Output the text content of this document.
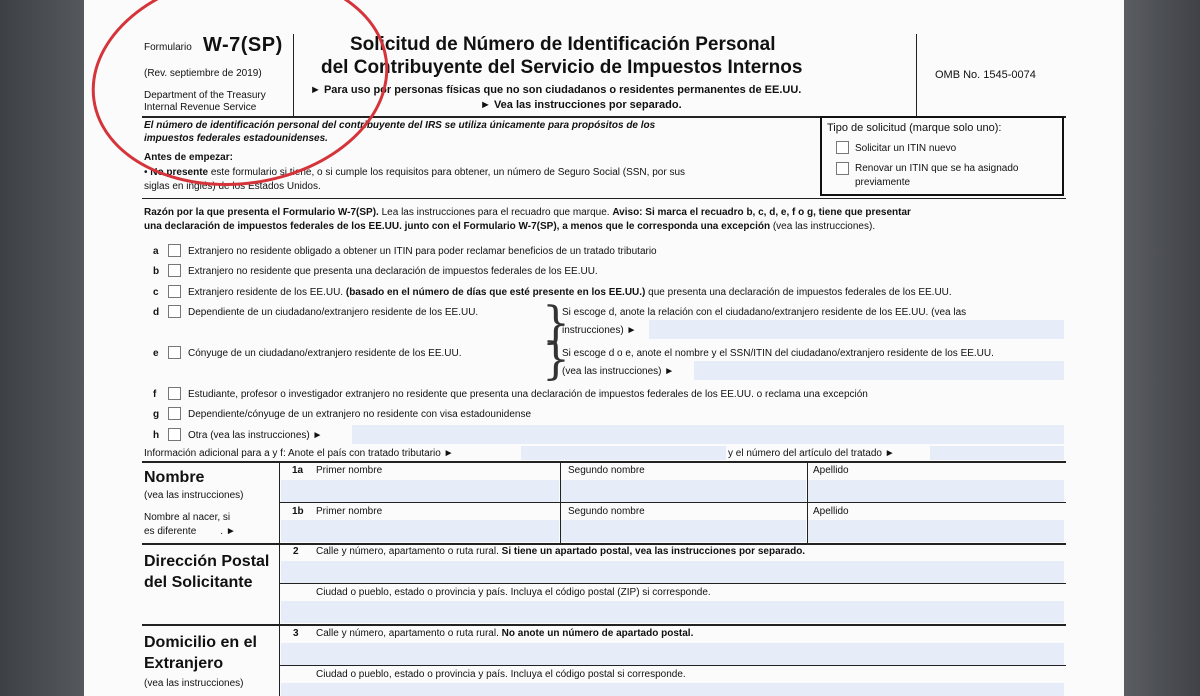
Formulario W-7(SP)
(Rev. septiembre de 2019)
Department of the Treasury
Internal Revenue Service
Solicitud de Número de Identificación Personal
del Contribuyente del Servicio de Impuestos Internos
► Para uso por personas físicas que no son ciudadanos o residentes permanentes de EE.UU.
► Vea las instrucciones por separado.
OMB No. 1545-0074
El número de identificación personal del contribuyente del IRS se utiliza únicamente para propósitos de los
impuestos federales estadounidenses.
Antes de empezar:
• No presente este formulario si tiene, o si cumple los requisitos para obtener, un número de Seguro Social (SSN, por sus
siglas en inglés) de los Estados Unidos.
Tipo de solicitud (marque solo uno):
Solicitar un ITIN nuevo
Renovar un ITIN que se ha asignado
previamente
Razón por la que presenta el Formulario W-7(SP). Lea las instrucciones para el recuadro que marque. Aviso: Si marca el recuadro b, c, d, e, f o g, tiene que presentar
una declaración de impuestos federales de los EE.UU. junto con el Formulario W-7(SP), a menos que le corresponda una excepción (vea las instrucciones).
a	Extranjero no residente obligado a obtener un ITIN para poder reclamar beneficios de un tratado tributario
b	Extranjero no residente que presenta una declaración de impuestos federales de los EE.UU.
c	Extranjero residente de los EE.UU. (basado en el número de días que esté presente en los EE.UU.) que presenta una declaración de impuestos federales de los EE.UU.
d	Dependiente de un ciudadano/extranjero residente de los EE.UU.
e	Cónyuge de un ciudadano/extranjero residente de los EE.UU.
}
}
Si escoge d, anote la relación con el ciudadano/extranjero residente de los EE.UU. (vea las
instrucciones) ►
Si escoge d o e, anote el nombre y el SSN/ITIN del ciudadano/extranjero residente de los EE.UU.
(vea las instrucciones) ►
f	Estudiante, profesor o investigador extranjero no residente que presenta una declaración de impuestos federales de los EE.UU. o reclama una excepción
g	Dependiente/cónyuge de un extranjero no residente con visa estadounidense
h	Otra (vea las instrucciones) ►
Información adicional para a y f: Anote el país con tratado tributario ►	y el número del artículo del tratado ►
Nombre
(vea las instrucciones)
Nombre al nacer, si
es diferente . ►
1a Primer nombre	Segundo nombre	Apellido
1b Primer nombre	Segundo nombre	Apellido
Dirección Postal
del Solicitante
2 Calle y número, apartamento o ruta rural. Si tiene un apartado postal, vea las instrucciones por separado.
Ciudad o pueblo, estado o provincia y país. Incluya el código postal (ZIP) si corresponde.
Domicilio en el
Extranjero
(vea las instrucciones)
3 Calle y número, apartamento o ruta rural. No anote un número de apartado postal.
Ciudad o pueblo, estado o provincia y país. Incluya el código postal si corresponde.
